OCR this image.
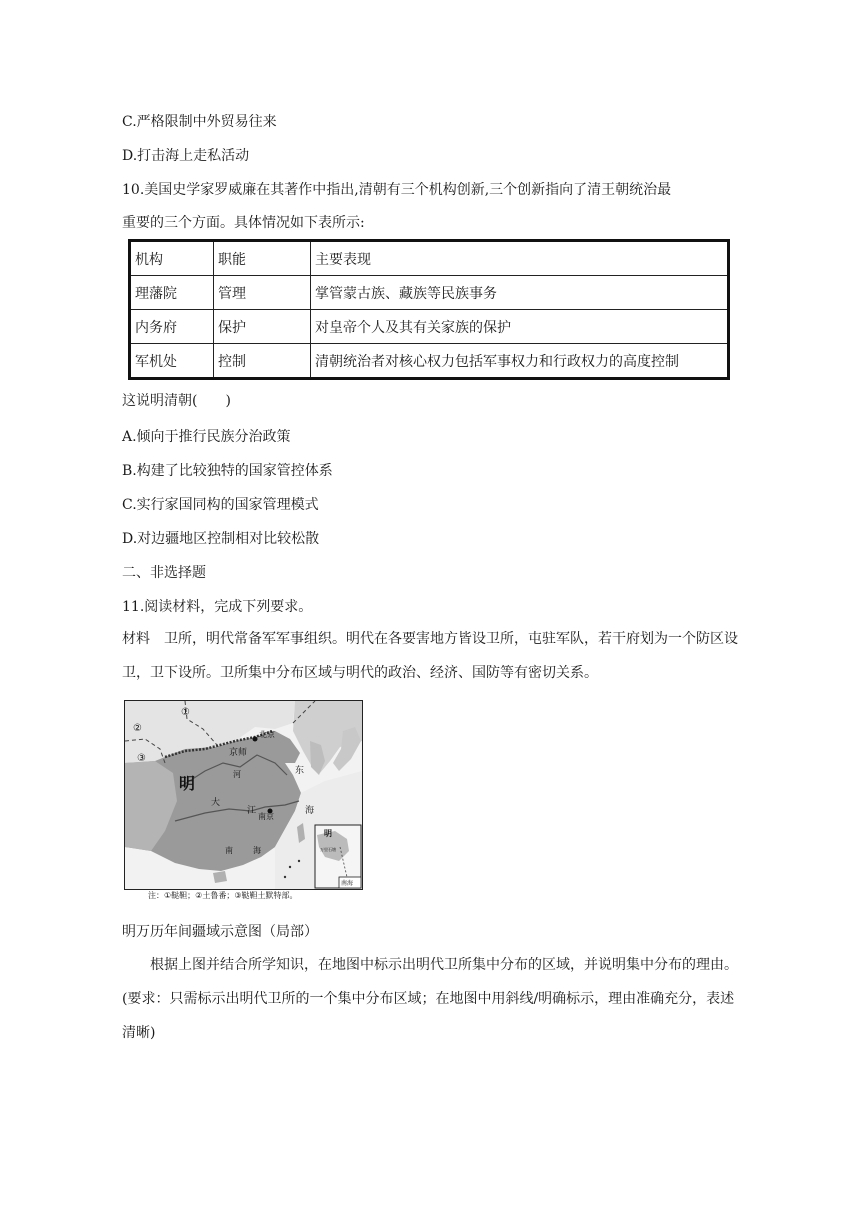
C.严格限制中外贸易往来
D.打击海上走私活动
10.美国史学家罗威廉在其著作中指出,清朝有三个机构创新,三个创新指向了清王朝统治最
重要的三个方面。具体情况如下表所示:
机构	职能	主要表现
理藩院	管理	掌管蒙古族、藏族等民族事务
内务府	保护	对皇帝个人及其有关家族的保护
军机处	控制	清朝统治者对核心权力包括军事权力和行政权力的高度控制
这说明清朝(　　)
A.倾向于推行民族分治政策
B.构建了比较独特的国家管控体系
C.实行家国同构的国家管理模式
D.对边疆地区控制相对比较松散
二、非选择题
11.阅读材料，完成下列要求。
材料　卫所，明代常备军军事组织。明代在各要害地方皆设卫所，屯驻军队，若干府划为一个防区设卫，卫下设所。卫所集中分布区域与明代的政治、经济、国防等有密切关系。
①
②
③
明
北京
京师
河
大
江
南京
东
海
南	海
明
万里石塘
南海
注：①鞑靼；②土鲁番；③鞑靼土默特部。
明万历年间疆域示意图（局部）
根据上图并结合所学知识，在地图中标示出明代卫所集中分布的区域，并说明集中分布的理由。(要求：只需标示出明代卫所的一个集中分布区域；在地图中用斜线/明确标示，理由准确充分，表述清晰)
